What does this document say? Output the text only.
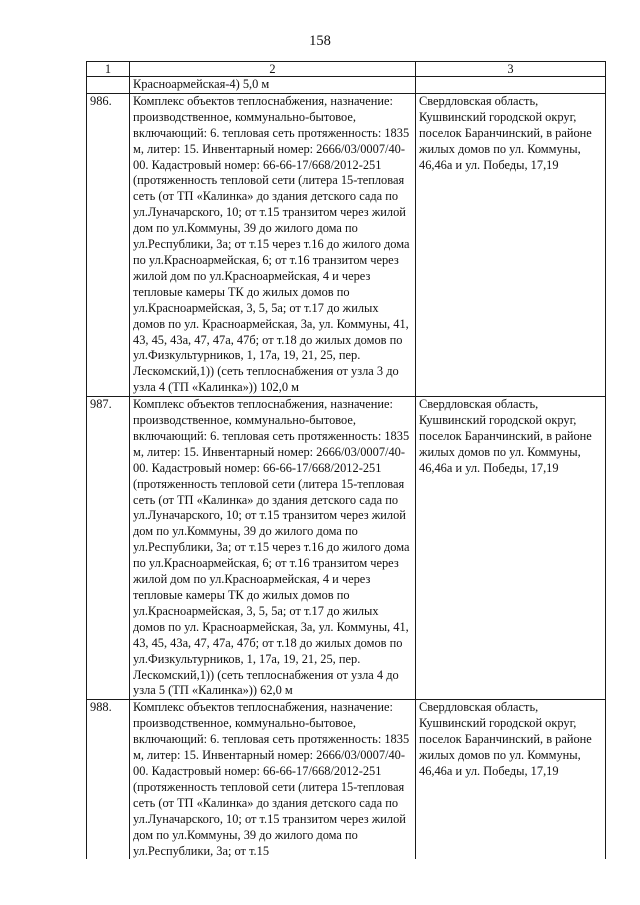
158
1	2	3
	Красноармейская-4) 5,0 м	
986.	Комплекс объектов теплоснабжения, назначение: производственное, коммунально-бытовое, включающий: 6. тепловая сеть протяженность: 1835 м, литер: 15. Инвентарный номер: 2666/03/0007/40-00. Кадастровый номер: 66-66-17/668/2012-251 (протяженность тепловой сети (литера 15-тепловая сеть (от ТП «Калинка» до здания детского сада по ул.Луначарского, 10; от т.15 транзитом через жилой дом по ул.Коммуны, 39 до жилого дома по ул.Республики, 3а; от т.15 через т.16 до жилого дома по ул.Красноармейская, 6; от т.16 транзитом через жилой дом по ул.Красноармейская, 4 и через тепловые камеры ТК до жилых домов по ул.Красноармейская, 3, 5, 5а; от т.17 до жилых домов по ул. Красноармейская, 3а, ул. Коммуны, 41, 43, 45, 43а, 47, 47а, 47б; от т.18 до жилых домов по ул.Физкультурников, 1, 17а, 19, 21, 25, пер. Лескомский,1)) (сеть теплоснабжения от узла 3 до узла 4 (ТП «Калинка»)) 102,0 м	Свердловская область, Кушвинский городской округ, поселок Баранчинский, в районе жилых домов по ул. Коммуны, 46,46а и ул. Победы, 17,19
987.	Комплекс объектов теплоснабжения, назначение: производственное, коммунально-бытовое, включающий: 6. тепловая сеть протяженность: 1835 м, литер: 15. Инвентарный номер: 2666/03/0007/40-00. Кадастровый номер: 66-66-17/668/2012-251 (протяженность тепловой сети (литера 15-тепловая сеть (от ТП «Калинка» до здания детского сада по ул.Луначарского, 10; от т.15 транзитом через жилой дом по ул.Коммуны, 39 до жилого дома по ул.Республики, 3а; от т.15 через т.16 до жилого дома по ул.Красноармейская, 6; от т.16 транзитом через жилой дом по ул.Красноармейская, 4 и через тепловые камеры ТК до жилых домов по ул.Красноармейская, 3, 5, 5а; от т.17 до жилых домов по ул. Красноармейская, 3а, ул. Коммуны, 41, 43, 45, 43а, 47, 47а, 47б; от т.18 до жилых домов по ул.Физкультурников, 1, 17а, 19, 21, 25, пер. Лескомский,1)) (сеть теплоснабжения от узла 4 до узла 5 (ТП «Калинка»)) 62,0 м	Свердловская область, Кушвинский городской округ, поселок Баранчинский, в районе жилых домов по ул. Коммуны, 46,46а и ул. Победы, 17,19
988.	Комплекс объектов теплоснабжения, назначение: производственное, коммунально-бытовое, включающий: 6. тепловая сеть протяженность: 1835 м, литер: 15. Инвентарный номер: 2666/03/0007/40-00. Кадастровый номер: 66-66-17/668/2012-251 (протяженность тепловой сети (литера 15-тепловая сеть (от ТП «Калинка» до здания детского сада по ул.Луначарского, 10; от т.15 транзитом через жилой дом по ул.Коммуны, 39 до жилого дома по ул.Республики, 3а; от т.15	Свердловская область, Кушвинский городской округ, поселок Баранчинский, в районе жилых домов по ул. Коммуны, 46,46а и ул. Победы, 17,19
